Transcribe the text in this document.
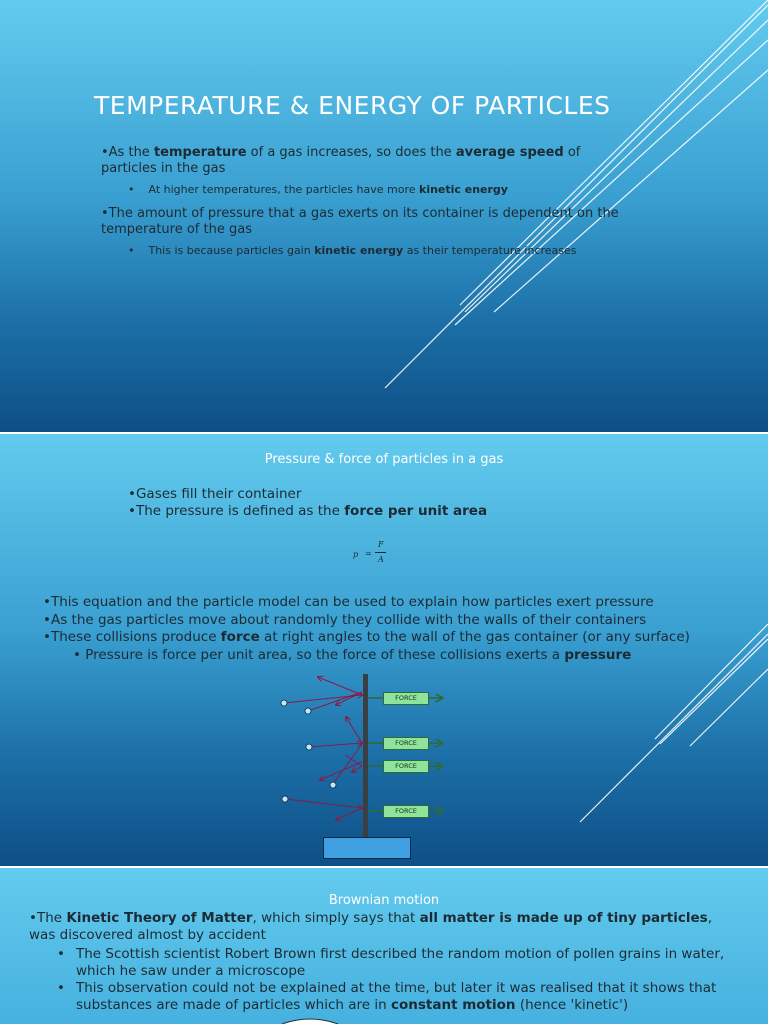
TEMPERATURE & ENERGY OF PARTICLES
•As the temperature of a gas increases, so does the average speed of particles in the gas
•    At higher temperatures, the particles have more kinetic energy
•The amount of pressure that a gas exerts on its container is dependent on the temperature of the gas
•    This is because particles gain kinetic energy as their temperature increases
Pressure & force of particles in a gas
•Gases fill their container
•The pressure is defined as the force per unit area
p =
F
A
•This equation and the particle model can be used to explain how particles exert pressure
•As the gas particles move about randomly they collide with the walls of their containers
•These collisions produce force at right angles to the wall of the gas container (or any surface)
• Pressure is force per unit area, so the force of these collisions exerts a pressure
FORCE
FORCE
FORCE
FORCE
Brownian motion
•The Kinetic Theory of Matter, which simply says that all matter is made up of tiny particles, was discovered almost by accident
• The Scottish scientist Robert Brown first described the random motion of pollen grains in water, which he saw under a microscope
• This observation could not be explained at the time, but later it was realised that it shows that substances are made of particles which are in constant motion (hence 'kinetic')
